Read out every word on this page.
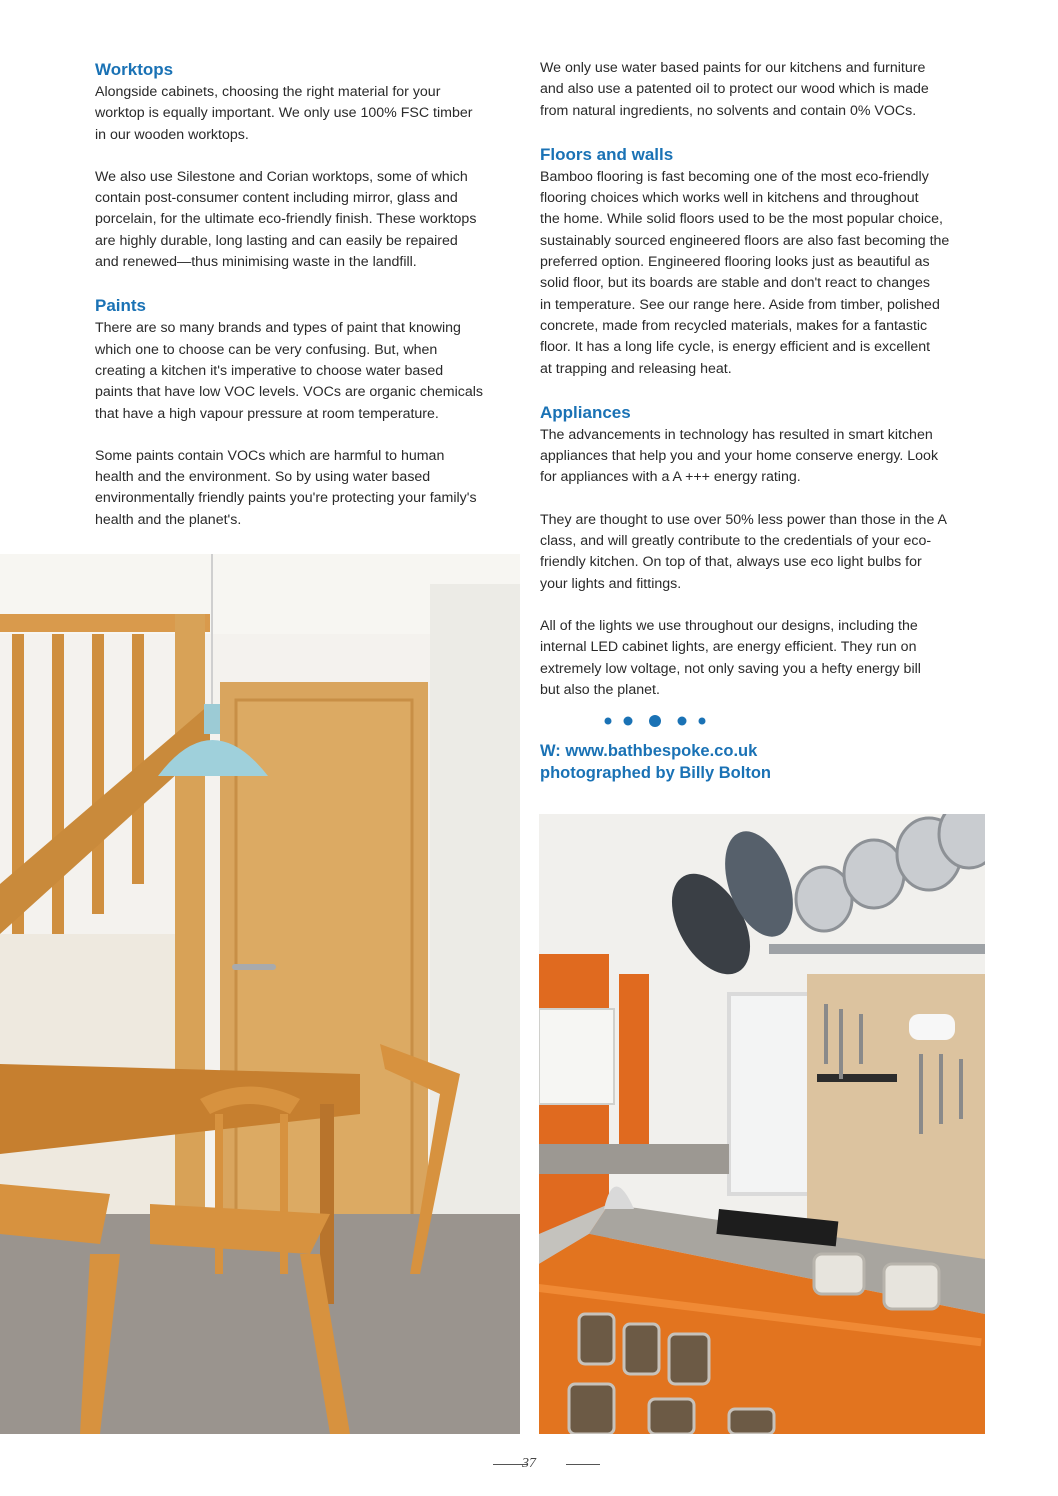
Worktops

Alongside cabinets, choosing the right material for your
worktop is equally important. We only use 100% FSC timber
in our wooden worktops.

We also use Silestone and Corian worktops, some of which
contain post-consumer content including mirror, glass and
porcelain, for the ultimate eco-friendly finish. These worktops
are highly durable, long lasting and can easily be repaired
and renewed—thus minimising waste in the landfill.

Paints

There are so many brands and types of paint that knowing
which one to choose can be very confusing. But, when
creating a kitchen it's imperative to choose water based
paints that have low VOC levels. VOCs are organic chemicals
that have a high vapour pressure at room temperature.

Some paints contain VOCs which are harmful to human
health and the environment. So by using water based
environmentally friendly paints you're protecting your family's
health and the planet's.

We only use water based paints for our kitchens and furniture
and also use a patented oil to protect our wood which is made
from natural ingredients, no solvents and contain 0% VOCs.

Floors and walls

Bamboo flooring is fast becoming one of the most eco-friendly
flooring choices which works well in kitchens and throughout
the home. While solid floors used to be the most popular choice,
sustainably sourced engineered floors are also fast becoming the
preferred option. Engineered flooring looks just as beautiful as
solid floor, but its boards are stable and don't react to changes
in temperature. See our range here. Aside from timber, polished
concrete, made from recycled materials, makes for a fantastic
floor. It has a long life cycle, is energy efficient and is excellent
at trapping and releasing heat.

Appliances

The advancements in technology has resulted in smart kitchen
appliances that help you and your home conserve energy. Look
for appliances with a A +++ energy rating.

They are thought to use over 50% less power than those in the A
class, and will greatly contribute to the credentials of your eco-
friendly kitchen. On top of that, always use eco light bulbs for
your lights and fittings.

All of the lights we use throughout our designs, including the
internal LED cabinet lights, are energy efficient. They run on
extremely low voltage, not only saving you a hefty energy bill
but also the planet.

W: www.bathbespoke.co.uk
photographed by Billy Bolton
37
